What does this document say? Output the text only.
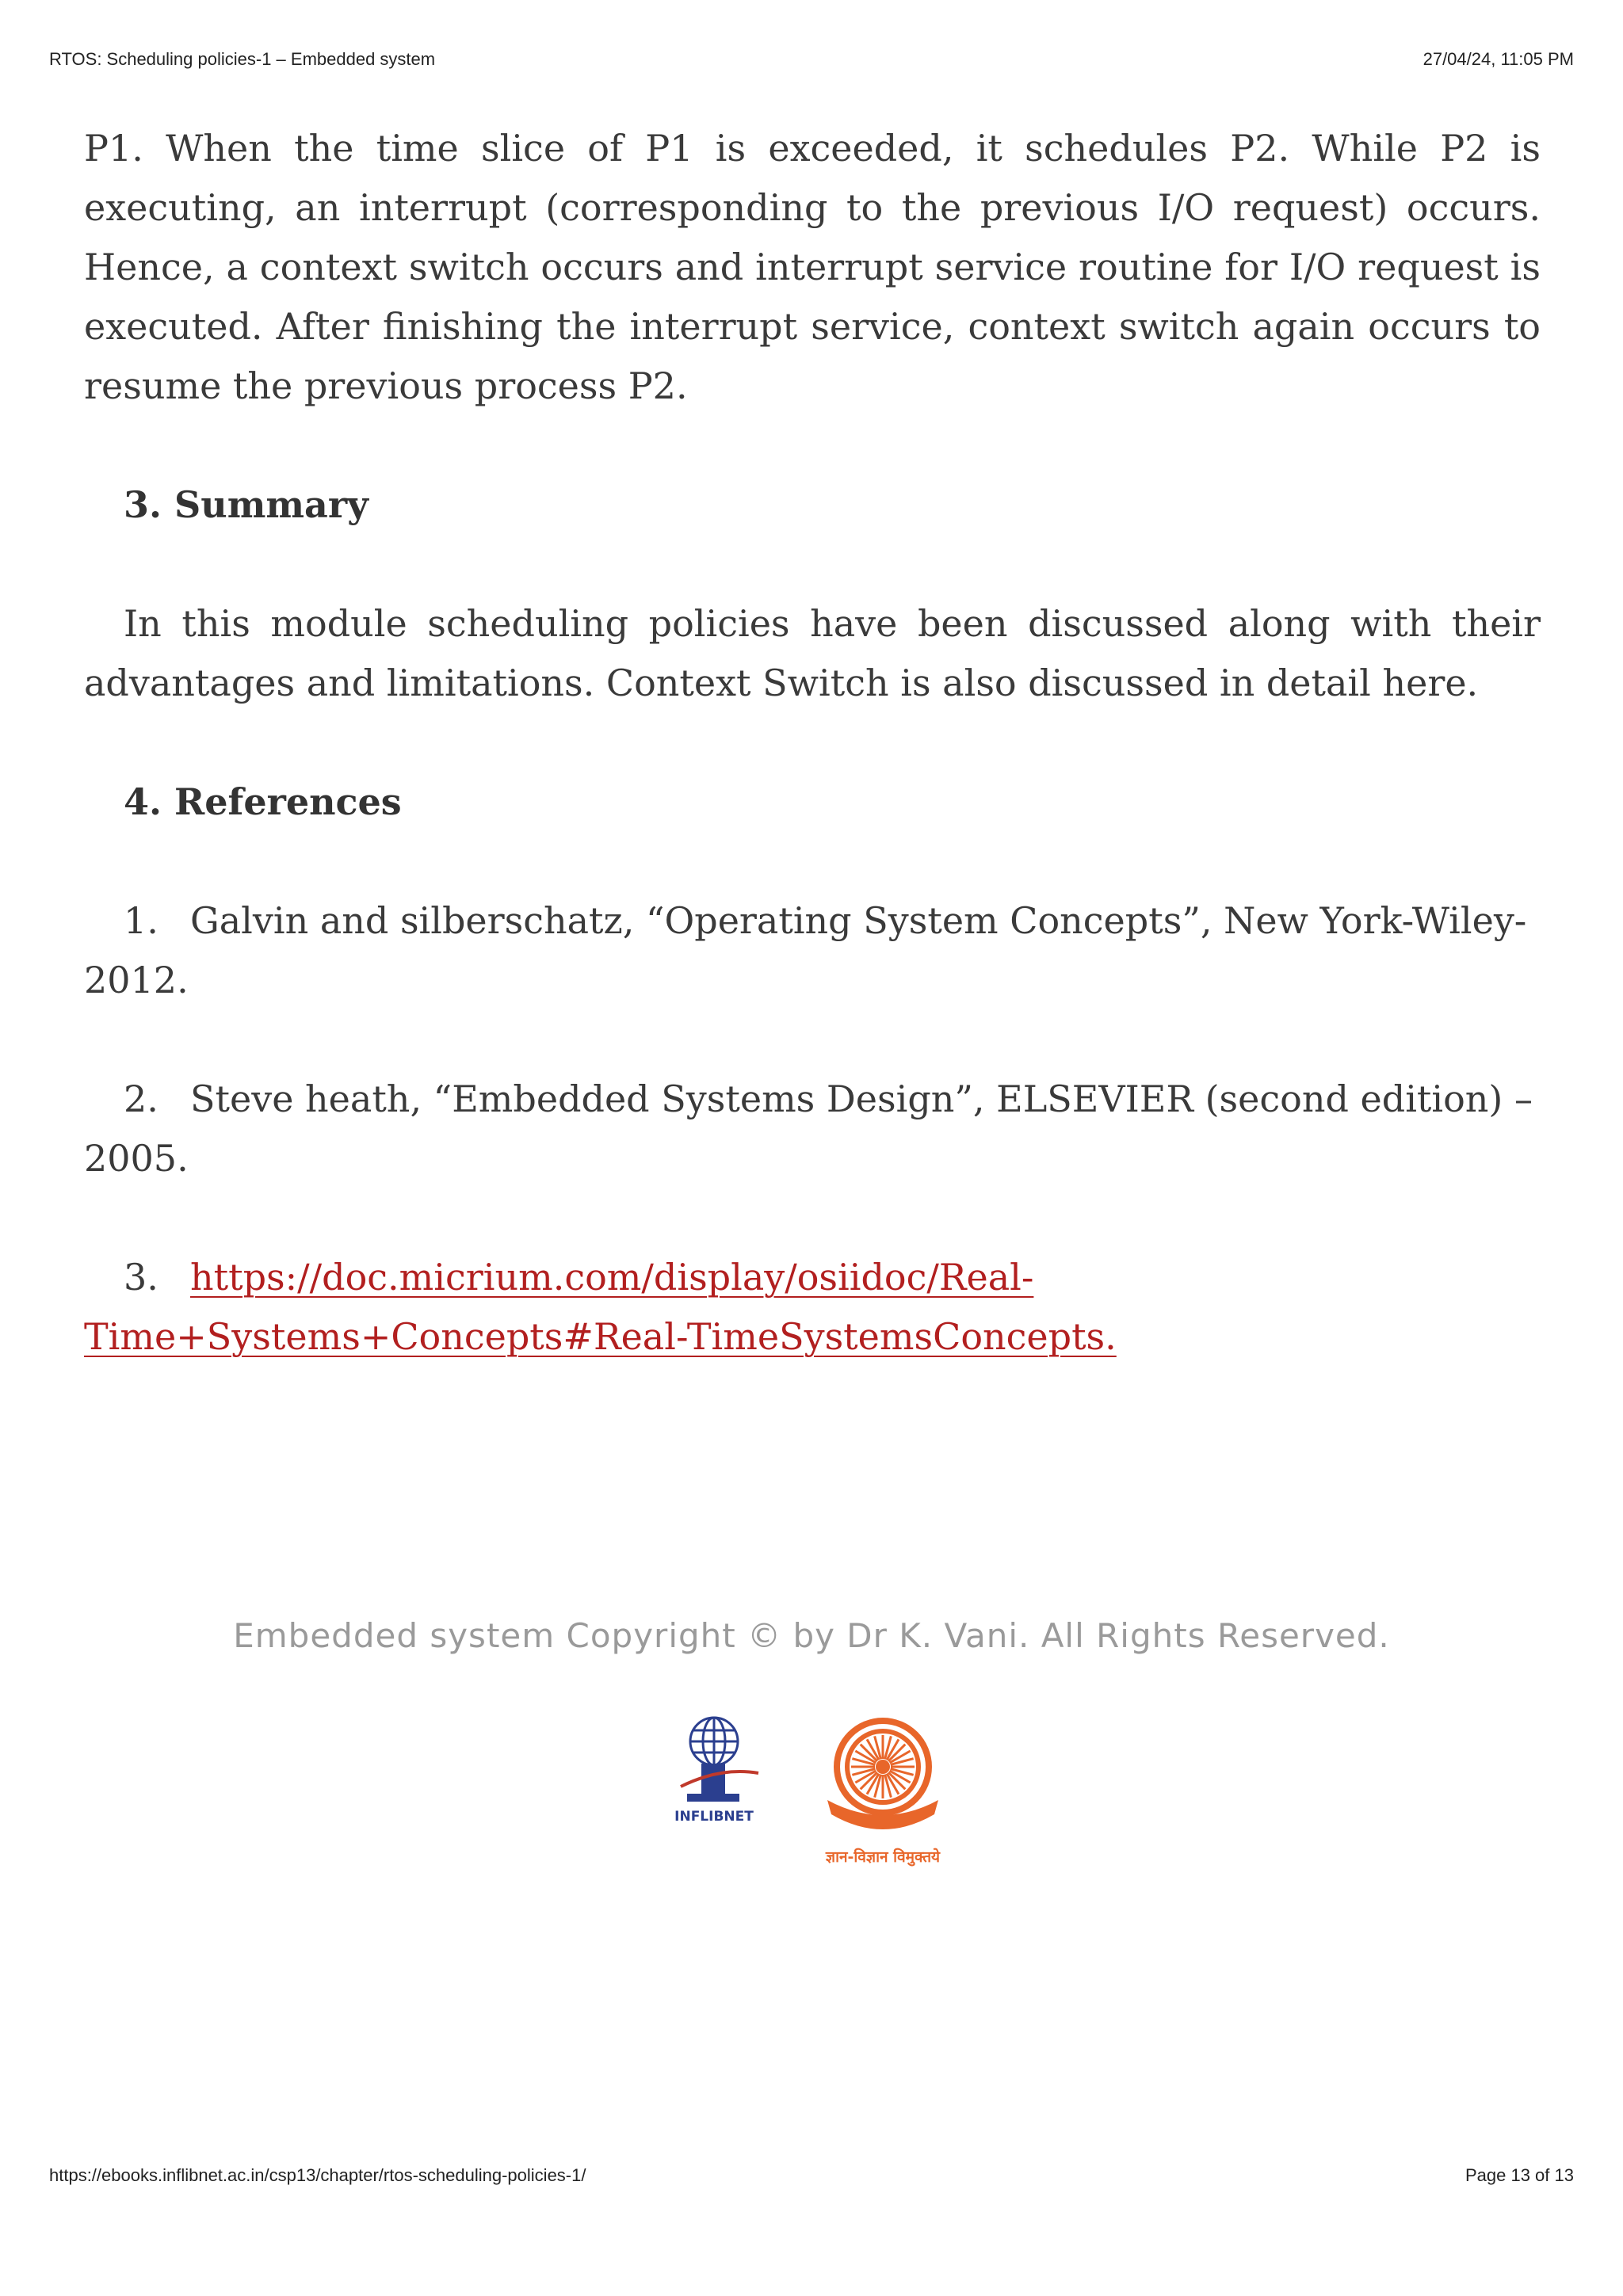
RTOS: Scheduling policies-1 – Embedded system	27/04/24, 11:05 PM

P1. When the time slice of P1 is exceeded, it schedules P2. While P2 is executing, an interrupt (corresponding to the previous I/O request) occurs. Hence, a context switch occurs and interrupt service routine for I/O request is executed. After finishing the interrupt service, context switch again occurs to resume the previous process P2.

3. Summary

In this module scheduling policies have been discussed along with their advantages and limitations. Context Switch is also discussed in detail here.

4. References

1. Galvin and silberschatz, “Operating System Concepts”, New York-Wiley-2012.

2. Steve heath, “Embedded Systems Design”, ELSEVIER (second edition) –2005.

3. https://doc.micrium.com/display/osiidoc/Real-Time+Systems+Concepts#Real-TimeSystemsConcepts.

Embedded system Copyright © by Dr K. Vani. All Rights Reserved.
INFLIBNET
ज्ञान-विज्ञान विमुक्तये
https://ebooks.inflibnet.ac.in/csp13/chapter/rtos-scheduling-policies-1/	Page 13 of 13
